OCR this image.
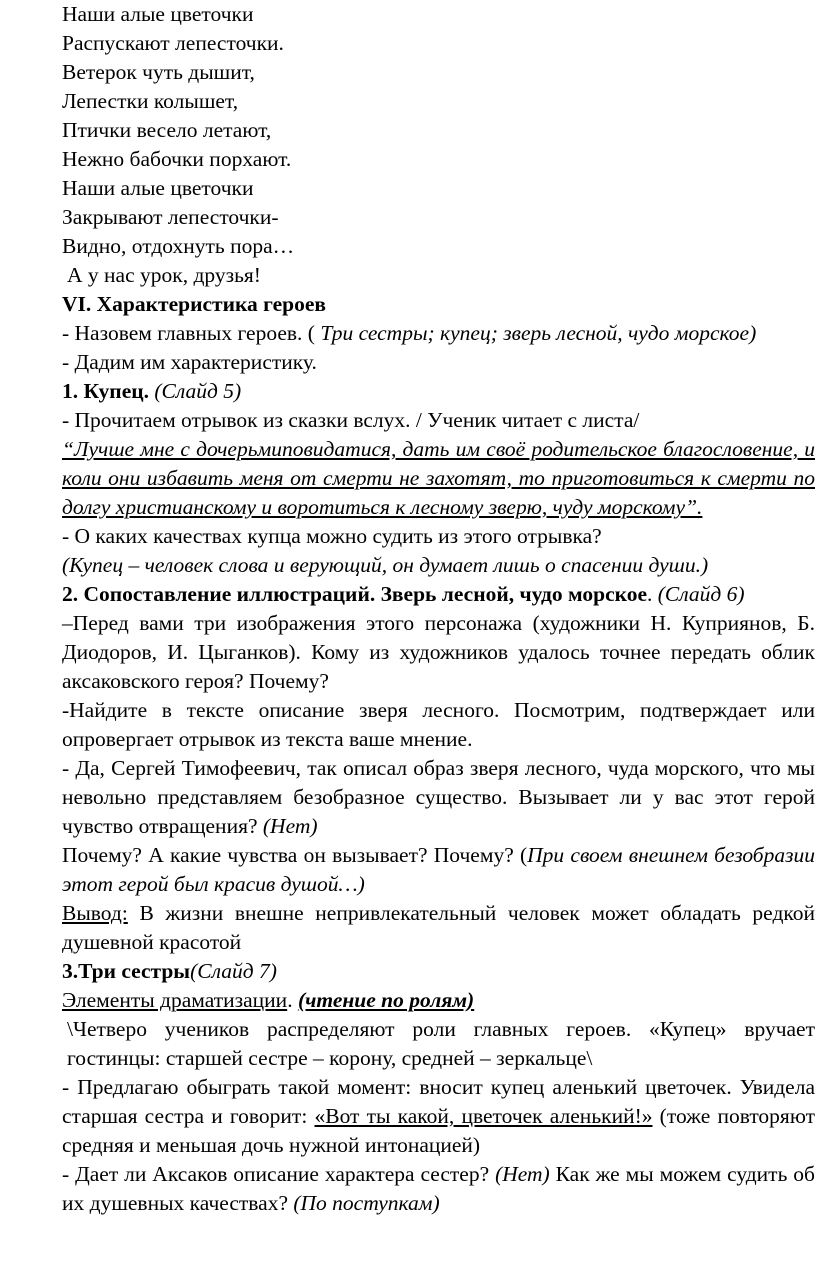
Наши алые цветочки

Распускают лепесточки.

Ветерок чуть дышит,

Лепестки колышет,

Птички весело летают,

Нежно бабочки порхают.

Наши алые цветочки

Закрывают лепесточки-

Видно, отдохнуть пора…

А у нас урок, друзья!

VI. Характеристика героев

- Назовем главных героев. ( Три сестры; купец; зверь лесной, чудо морское)

- Дадим им характеристику.

1. Купец. (Слайд 5)

- Прочитаем отрывок из сказки вслух. / Ученик читает с листа/

“Лучше мне с дочерьмиповидатися, дать им своё родительское благословение, и коли они избавить меня от смерти не захотят, то приготовиться к смерти по долгу христианскому и воротиться к лесному зверю, чуду морскому”.

- О каких качествах купца можно судить из этого отрывка?

(Купец – человек слова и верующий, он думает лишь о спасении души.)

2. Сопоставление иллюстраций. Зверь лесной, чудо морское. (Слайд 6)

–Перед вами три изображения этого персонажа (художники Н. Куприянов, Б. Диодоров, И. Цыганков). Кому из художников удалось точнее передать облик аксаковского героя? Почему?

-Найдите в тексте описание зверя лесного. Посмотрим, подтверждает или опровергает отрывок из текста ваше мнение.

- Да, Сергей Тимофеевич, так описал образ зверя лесного, чуда морского, что мы невольно представляем безобразное существо. Вызывает ли у вас этот герой чувство отвращения? (Нет)

Почему? А какие чувства он вызывает? Почему? (При своем внешнем безобразии этот герой был красив душой…)

Вывод: В жизни внешне непривлекательный человек может обладать редкой душевной красотой

3.Три сестры(Слайд 7)

Элементы драматизации. (чтение по ролям)

\Четверо учеников распределяют роли главных героев. «Купец» вручает гостинцы: старшей сестре – корону, средней – зеркальце\

- Предлагаю обыграть такой момент: вносит купец аленький цветочек. Увидела старшая сестра и говорит: «Вот ты какой, цветочек аленький!» (тоже повторяют средняя и меньшая дочь нужной интонацией)

- Дает ли Аксаков описание характера сестер? (Нет) Как же мы можем судить об их душевных качествах? (По поступкам)
